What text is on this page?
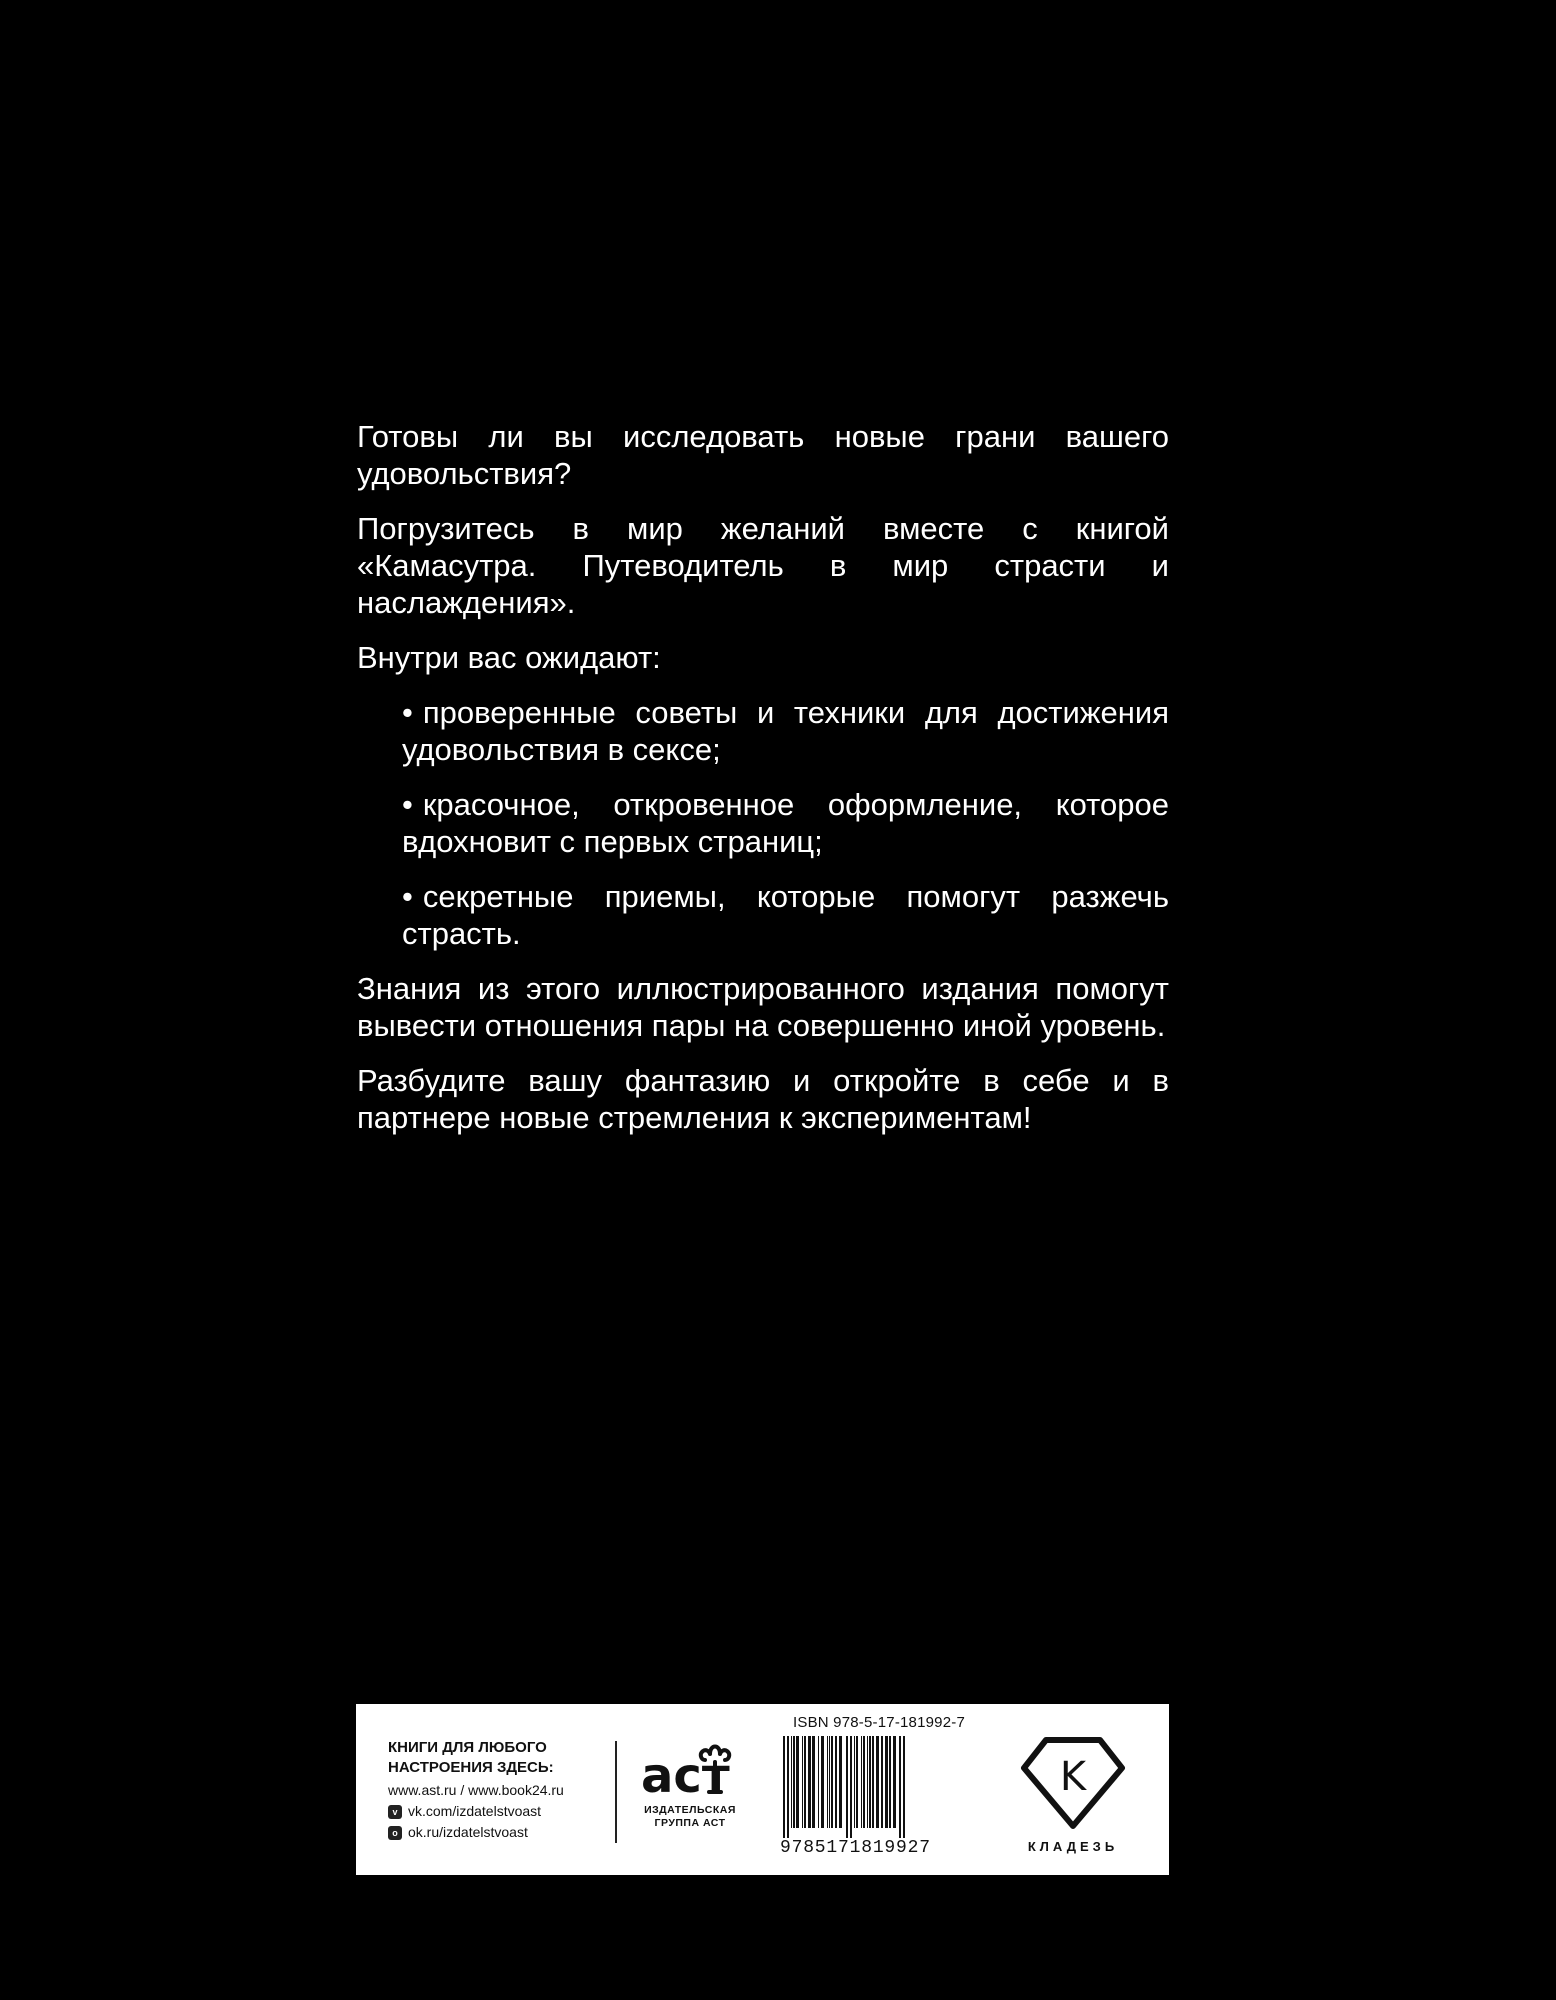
Готовы ли вы исследовать новые грани вашего удовольствия?

Погрузитесь в мир желаний вместе с книгой «Камасутра. Путеводитель в мир страсти и наслаждения».

Внутри вас ожидают:

• проверенные советы и техники для достижения удовольствия в сексе;
• красочное, откровенное оформление, которое вдохновит с первых страниц;
• секретные приемы, которые помогут разжечь страсть.

Знания из этого иллюстрированного издания помогут вывести отношения пары на совершенно иной уровень.

Разбудите вашу фантазию и откройте в себе и в партнере новые стремления к экспериментам!

КНИГИ ДЛЯ ЛЮБОГО
НАСТРОЕНИЯ ЗДЕСЬ:
www.ast.ru / www.book24.ru
v vk.com/izdatelstvoast
o ok.ru/izdatelstvoast
аст
ИЗДАТЕЛЬСКАЯ
ГРУППА АСТ
ISBN 978-5-17-181992-7
9785171819927
K
КЛАДЕЗЬ
